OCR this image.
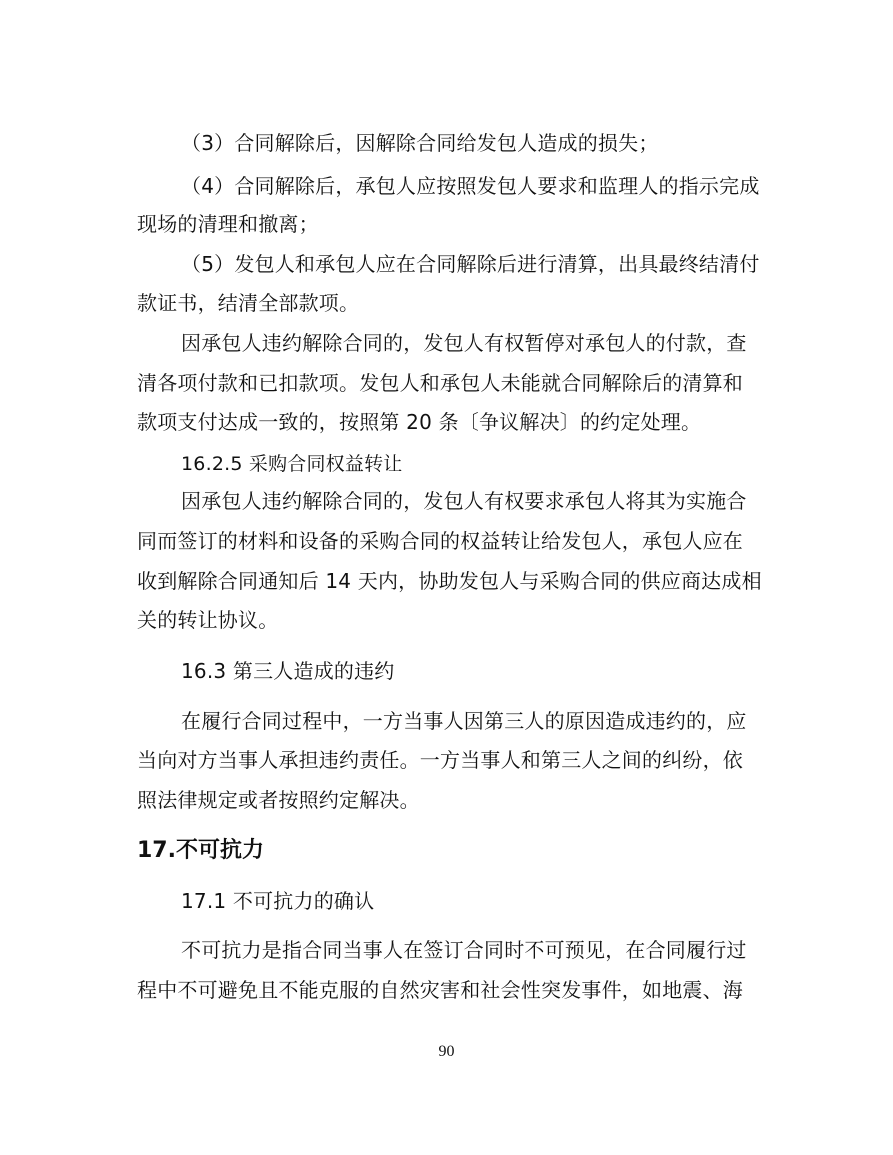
（3）合同解除后，因解除合同给发包人造成的损失；
（4）合同解除后，承包人应按照发包人要求和监理人的指示完成
现场的清理和撤离；
（5）发包人和承包人应在合同解除后进行清算，出具最终结清付
款证书，结清全部款项。
因承包人违约解除合同的，发包人有权暂停对承包人的付款，查
清各项付款和已扣款项。发包人和承包人未能就合同解除后的清算和
款项支付达成一致的，按照第 20 条〔争议解决〕的约定处理。
16.2.5 采购合同权益转让
因承包人违约解除合同的，发包人有权要求承包人将其为实施合
同而签订的材料和设备的采购合同的权益转让给发包人，承包人应在
收到解除合同通知后 14 天内，协助发包人与采购合同的供应商达成相
关的转让协议。
16.3 第三人造成的违约
在履行合同过程中，一方当事人因第三人的原因造成违约的，应
当向对方当事人承担违约责任。一方当事人和第三人之间的纠纷，依
照法律规定或者按照约定解决。
17.不可抗力
17.1 不可抗力的确认
不可抗力是指合同当事人在签订合同时不可预见，在合同履行过
程中不可避免且不能克服的自然灾害和社会性突发事件，如地震、海
90
